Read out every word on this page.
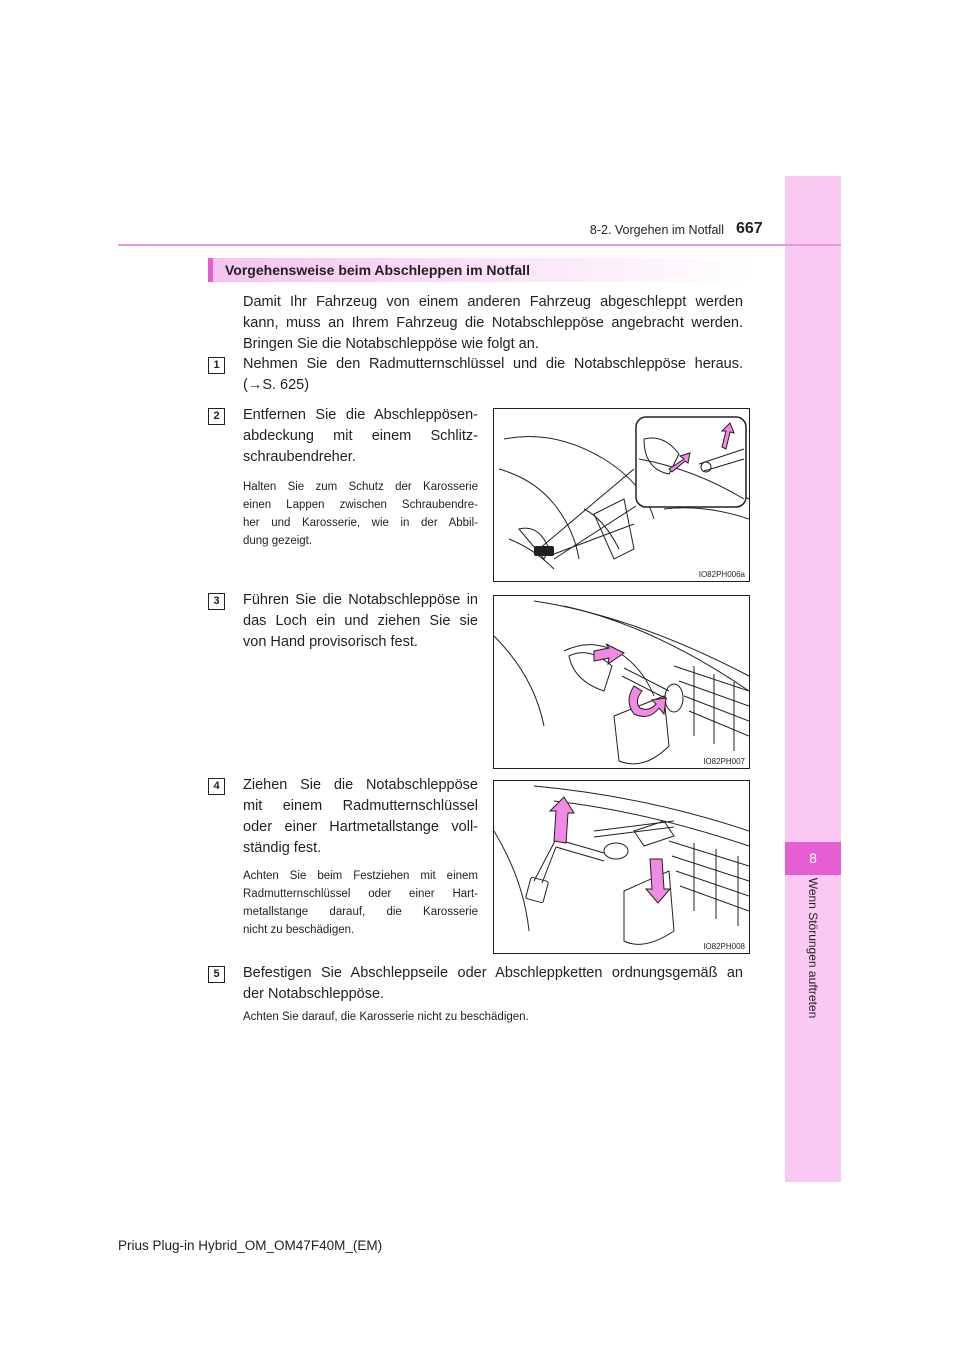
8
Wenn Störungen auftreten
8-2. Vorgehen im Notfall 667
Vorgehensweise beim Abschleppen im Notfall
Damit Ihr Fahrzeug von einem anderen Fahrzeug abgeschleppt werden
kann, muss an Ihrem Fahrzeug die Notabschleppöse angebracht werden.
Bringen Sie die Notabschleppöse wie folgt an.
1	Nehmen Sie den Radmutternschlüssel und die Notabschleppöse heraus.
(→S. 625)
2	Entfernen Sie die Abschleppösen-
abdeckung mit einem Schlitz-
schraubendreher.
Halten Sie zum Schutz der Karosserie
einen Lappen zwischen Schraubendre-
her und Karosserie, wie in der Abbil-
dung gezeigt.
IO82PH006a
3	Führen Sie die Notabschleppöse in
das Loch ein und ziehen Sie sie
von Hand provisorisch fest.
IO82PH007
4	Ziehen Sie die Notabschleppöse
mit einem Radmutternschlüssel
oder einer Hartmetallstange voll-
ständig fest.
Achten Sie beim Festziehen mit einem
Radmutternschlüssel oder einer Hart-
metallstange darauf, die Karosserie
nicht zu beschädigen.
IO82PH008
5	Befestigen Sie Abschleppseile oder Abschleppketten ordnungsgemäß an
der Notabschleppöse.
Achten Sie darauf, die Karosserie nicht zu beschädigen.
Prius Plug-in Hybrid_OM_OM47F40M_(EM)
